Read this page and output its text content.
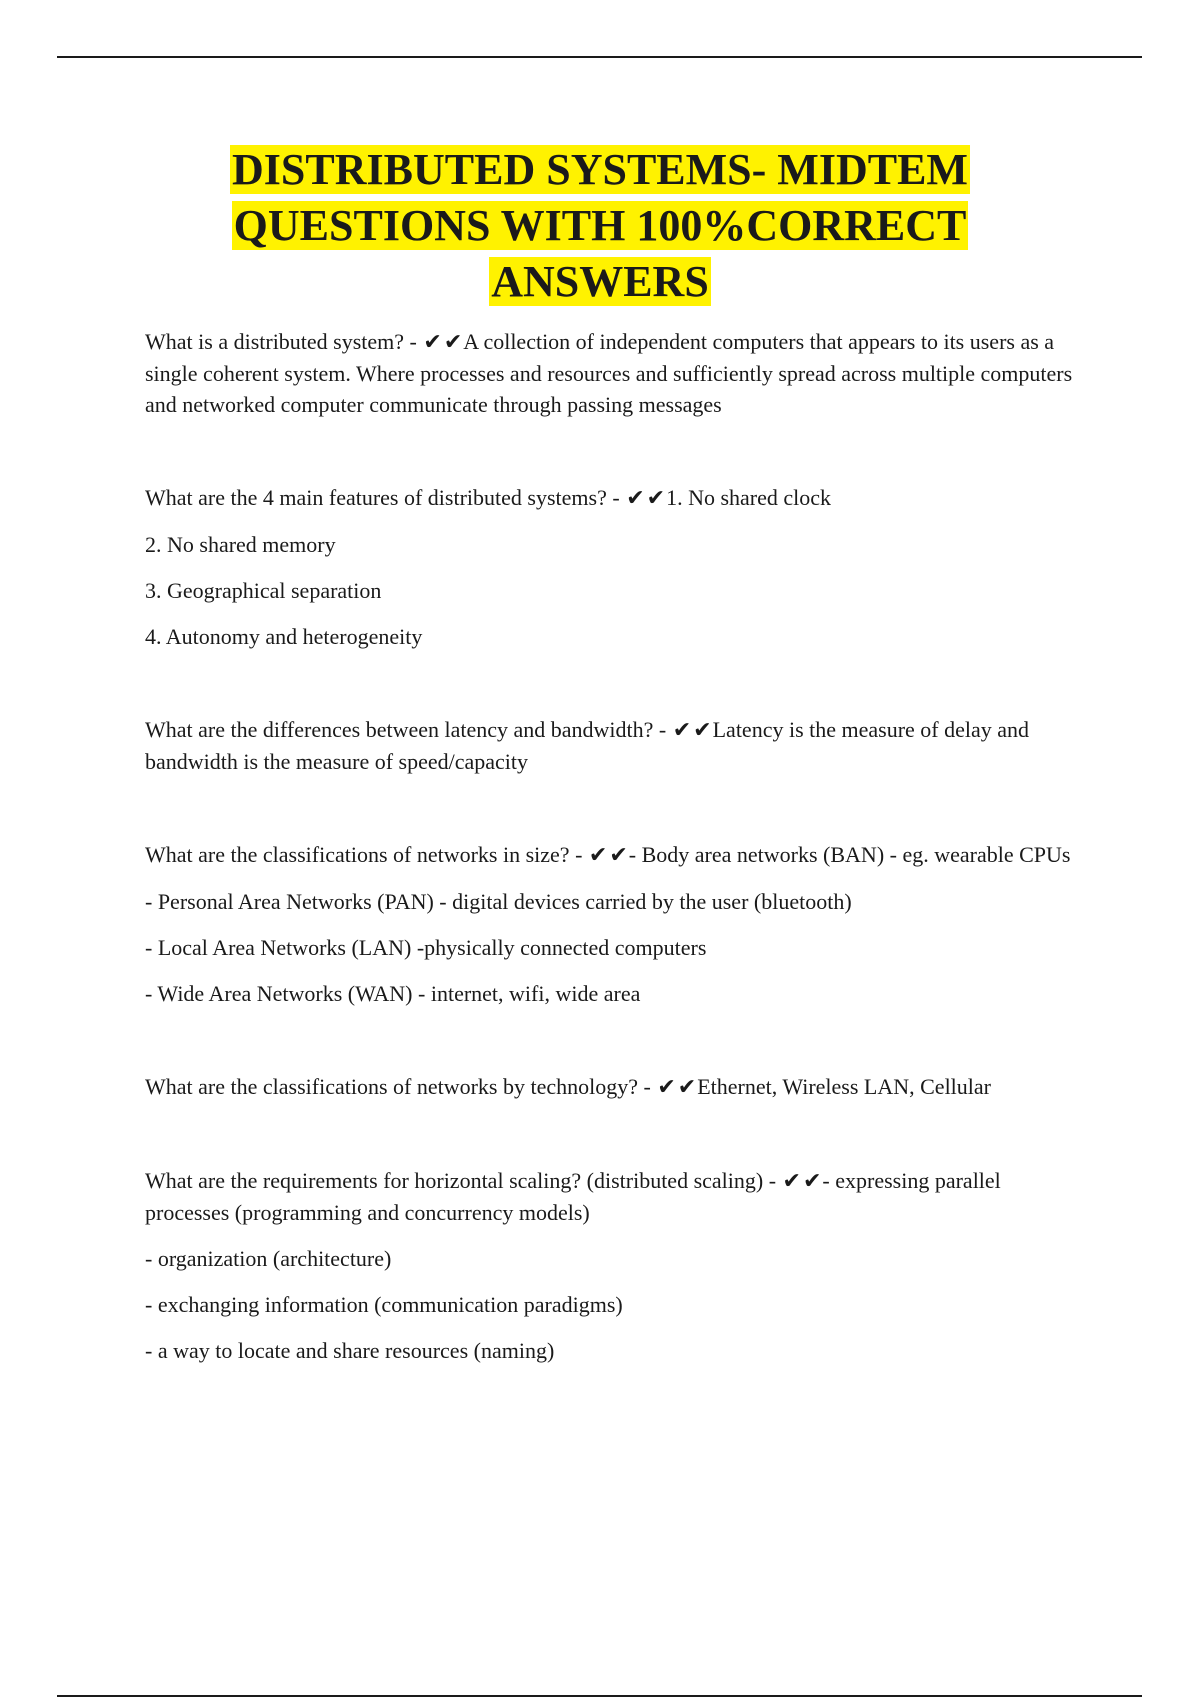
DISTRIBUTED SYSTEMS- MIDTEM
QUESTIONS WITH 100%CORRECT
ANSWERS

What is a distributed system? - ✔✔A collection of independent computers that appears to its users as a single coherent system. Where processes and resources and sufficiently spread across multiple computers and networked computer communicate through passing messages

What are the 4 main features of distributed systems? - ✔✔1. No shared clock

2. No shared memory

3. Geographical separation

4. Autonomy and heterogeneity

What are the differences between latency and bandwidth? - ✔✔Latency is the measure of delay and bandwidth is the measure of speed/capacity

What are the classifications of networks in size? - ✔✔- Body area networks (BAN) - eg. wearable CPUs

- Personal Area Networks (PAN) - digital devices carried by the user (bluetooth)

- Local Area Networks (LAN) -physically connected computers

- Wide Area Networks (WAN) - internet, wifi, wide area

What are the classifications of networks by technology? - ✔✔Ethernet, Wireless LAN, Cellular

What are the requirements for horizontal scaling? (distributed scaling) - ✔✔- expressing parallel processes (programming and concurrency models)

- organization (architecture)

- exchanging information (communication paradigms)

- a way to locate and share resources (naming)
